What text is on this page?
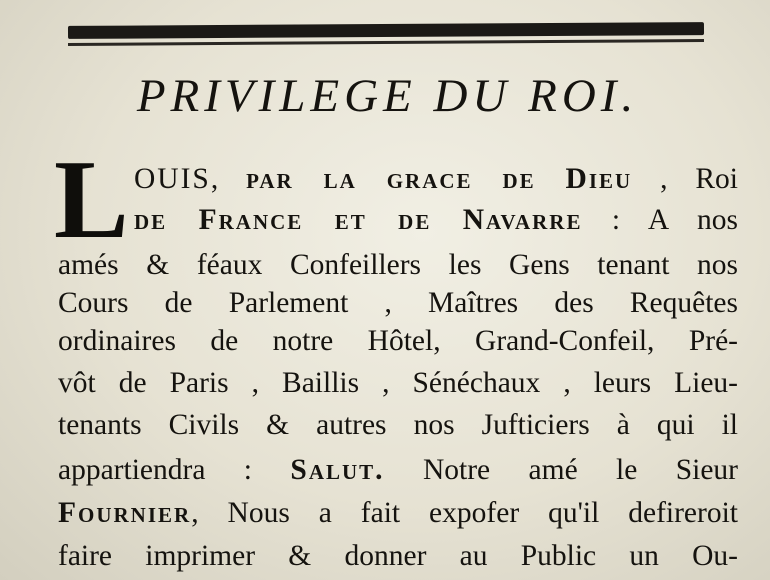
PRIVILEGE DU ROI.
L OUIS, par la grace de Dieu , Roi
de France et de Navarre : A nos
amés & féaux Confeillers les Gens tenant nos
Cours de Parlement , Maîtres des Requêtes
ordinaires de notre Hôtel, Grand-Confeil, Pré-
vôt de Paris , Baillis , Sénéchaux , leurs Lieu-
tenants Civils & autres nos Jufticiers à qui il
appartiendra : Salut. Notre amé le Sieur
Fournier, Nous a fait expofer qu'il defireroit
faire imprimer & donner au Public un Ou-
